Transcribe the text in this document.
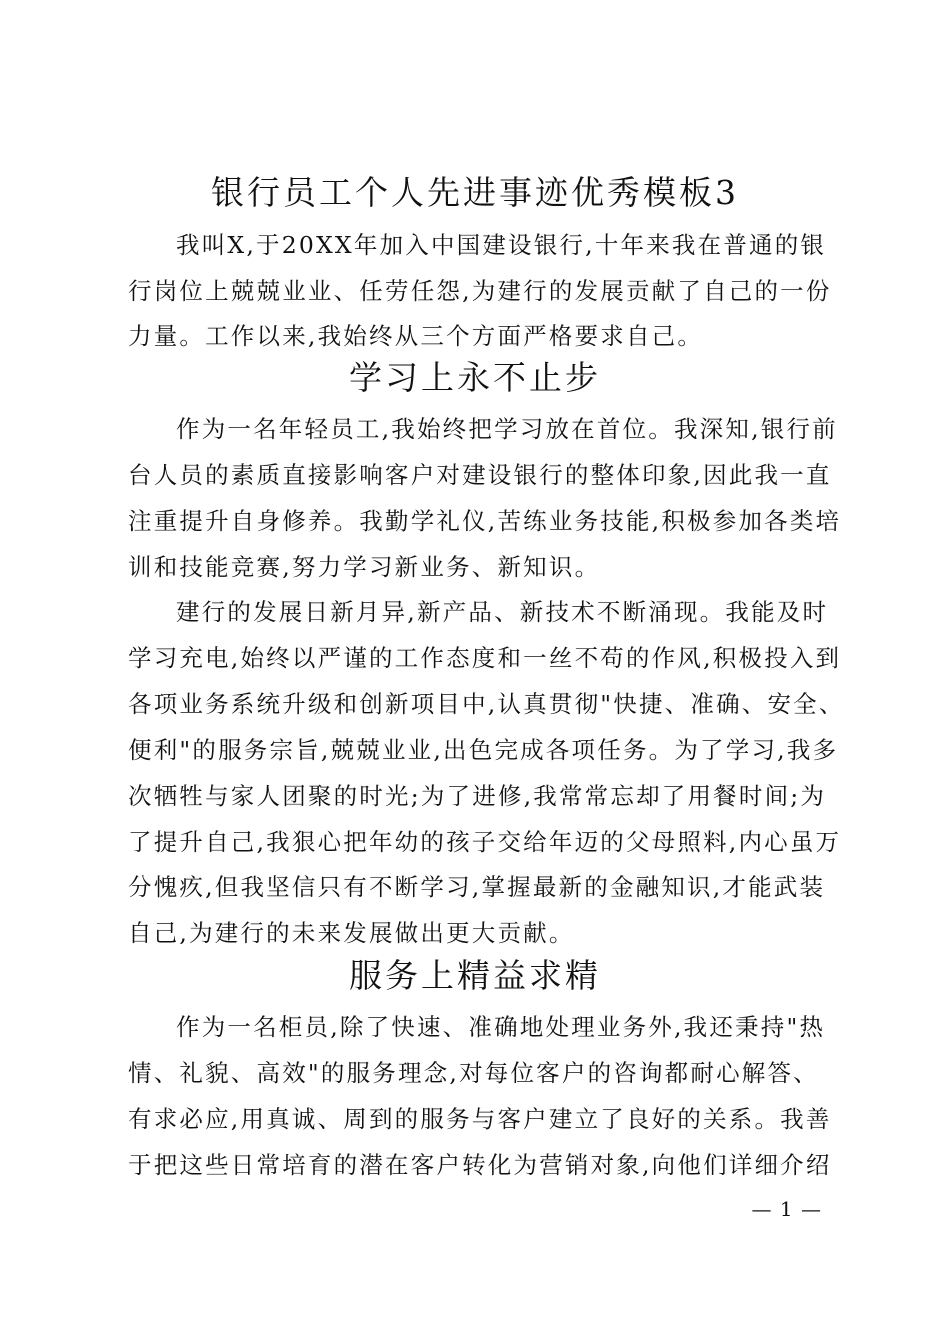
银行员工个人先进事迹优秀模板3
我叫X,于20XX年加入中国建设银行,十年来我在普通的银
行岗位上兢兢业业、任劳任怨,为建行的发展贡献了自己的一份
力量。工作以来,我始终从三个方面严格要求自己。
学习上永不止步
作为一名年轻员工,我始终把学习放在首位。我深知,银行前
台人员的素质直接影响客户对建设银行的整体印象,因此我一直
注重提升自身修养。我勤学礼仪,苦练业务技能,积极参加各类培
训和技能竞赛,努力学习新业务、新知识。
建行的发展日新月异,新产品、新技术不断涌现。我能及时
学习充电,始终以严谨的工作态度和一丝不苟的作风,积极投入到
各项业务系统升级和创新项目中,认真贯彻"快捷、准确、安全、
便利"的服务宗旨,兢兢业业,出色完成各项任务。为了学习,我多
次牺牲与家人团聚的时光;为了进修,我常常忘却了用餐时间;为
了提升自己,我狠心把年幼的孩子交给年迈的父母照料,内心虽万
分愧疚,但我坚信只有不断学习,掌握最新的金融知识,才能武装
自己,为建行的未来发展做出更大贡献。
服务上精益求精
作为一名柜员,除了快速、准确地处理业务外,我还秉持"热
情、礼貌、高效"的服务理念,对每位客户的咨询都耐心解答、
有求必应,用真诚、周到的服务与客户建立了良好的关系。我善
于把这些日常培育的潜在客户转化为营销对象,向他们详细介绍
— 1 —
